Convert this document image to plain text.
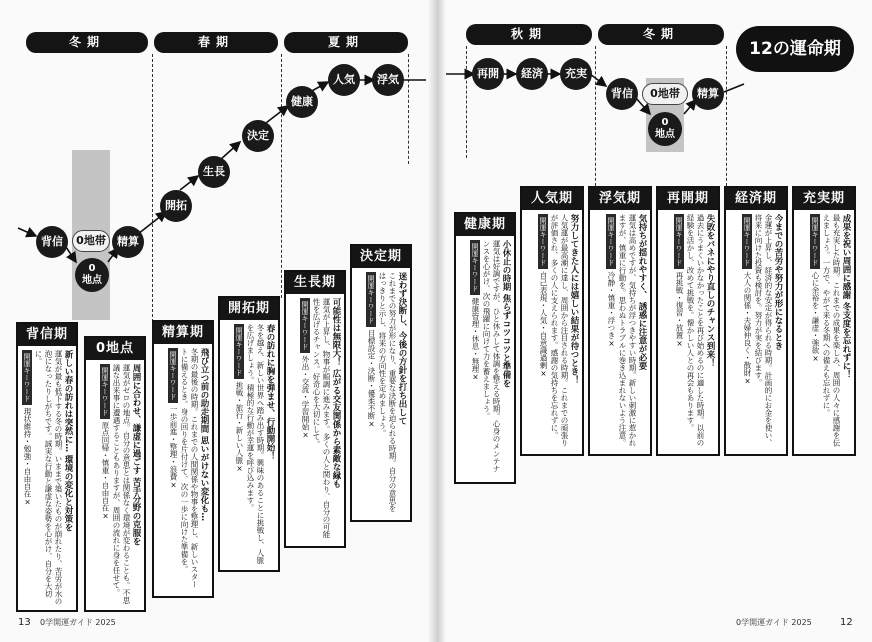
冬期	春期	夏期
秋期	冬期
12の運命期
背信	0地帯	精算
0
地点
開拓
生長
決定
健康
人気	浮気	再開	経済	充実
背信	0地帯	精算
0
地点
背信期
新しい春の訪れは突然に… 環境の変化と対策を
運気が最も低下する冬の時期。いままで築いたものが崩れたり、苦労が水の泡になったりしがちです。誠実な行動と謙虚な姿勢を心がけ、自分を大切に。
開運キーワード 現状維持・勉強・自由自在×
0地点
周囲に合わせ、謙虚に過ごす 苦手分野の克服を
運気がゼロの地点。自分の意思とは関係なく環境が変わることも。不思議な出来事に遭遇することもありますが、周囲の流れに身を任せて。
開運キーワード 原点回帰・慎重・自由自在×
精算期
飛び立つ前の助走期間 思いがけない変化も…
冬期の最後の時期。これまでの人間関係や物事を整理し、新しいスタートに備えるとき。身の回りを片付けて、次の一歩に向けた準備を。
開運キーワード 一歩前進・整理・浪費×
開拓期
春の訪れに胸を弾ませ、行動開始！
冬を越え、新しい世界へ踏み出す時期。興味のあることに挑戦し、人脈を広げましょう。積極的な行動が幸運を呼び込みます。
開運キーワード 挑戦・旅行・新しい人脈×
生長期
可能性は無限大！ 広がる交友関係から素敵な縁も
運気が上昇し、物事が順調に進みます。多くの人と関わり、自分の可能性を広げるチャンス。好奇心を大切にして。
開運キーワード 外出・交流・学習開始×
決定期
迷わず決断し、今後の方針を打ち出して
これまでの努力が形になり、重要な決断を迫られる時期。自分の意思をはっきりと示し、将来の方向性を定めましょう。
開運キーワード 目標設定・決断・優柔不断×
健康期
小休止の時期 焦らずコツコツと準備を
運気は好調ですが、ひと休みして体調を整える時期。心身のメンテナンスを心がけ、次の飛躍に向けて力を蓄えましょう。
開運キーワード 健康管理・休息・無理×
人気期
努力してきた人には嬉しい結果が待つとき！
人気運が最高潮に達し、周囲から注目される時期。これまでの頑張りが評価され、多くの人に支えられます。感謝の気持ちを忘れずに。
開運キーワード 自己表現・人気・自意識過剰×
浮気期
気持ちが揺れやすく、 誘惑に注意が必要
運気は高めですが、気持ちが浮つきやすい時期。新しい刺激に惹かれますが、慎重に行動を。思わぬトラブルに巻き込まれないよう注意。
開運キーワード 冷静・慎重・浮つき×
再開期
失敗をバネにやり直しのチャンス到来！
過去にうまくいかなかったことを再び始めるのに適した時期。以前の経験を活かし、改めて挑戦を。懐かしい人との再会もあります。
開運キーワード 再挑戦・復習・放置×
経済期
今までの苦労や努力が形になるとき
金運が上昇し、経済的な安定が得られる時期。計画的にお金を使い、将来に向けた投資も検討を。努力が実を結びます。
開運キーワード 大人の関係・夫婦仲良く・散財×
充実期
成果を祝い周囲に感謝 冬支度を忘れずに！
最も充実した時期。これまでの成果を楽しみ、周囲の人々に感謝を伝えましょう。一方で、やがて来る冬期への備えも忘れずに。
開運キーワード 心に余裕を・謙虚・強欲×
13 0学開運ガイド 2025	0学開運ガイド 2025	12
